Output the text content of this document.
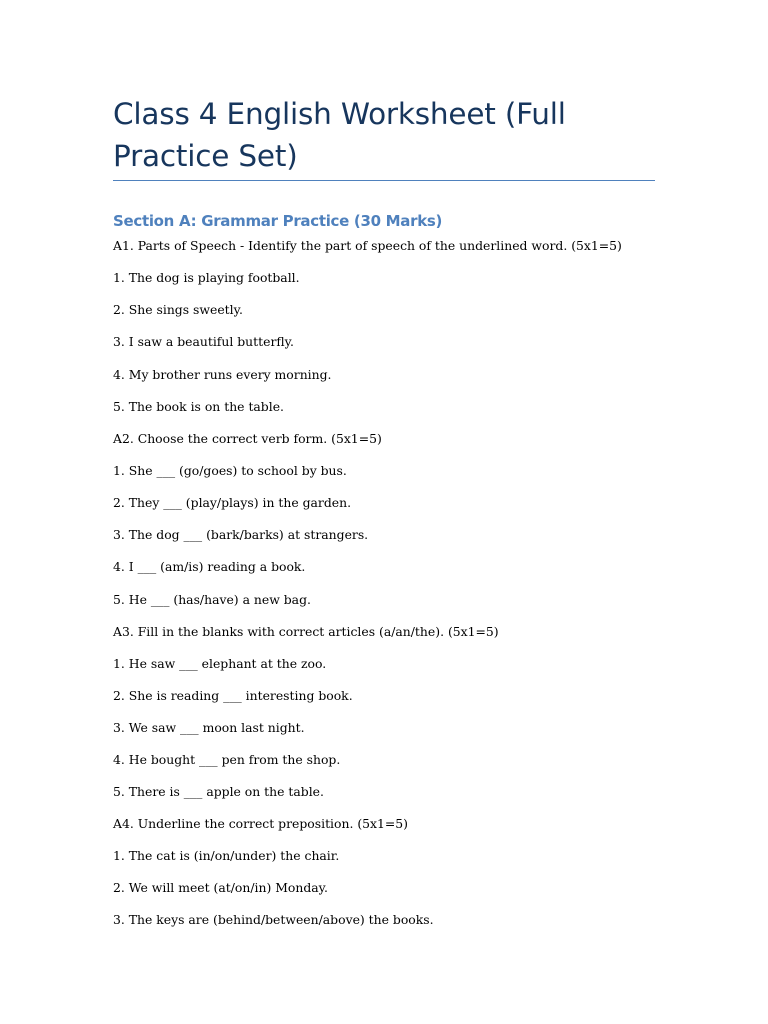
Class 4 English Worksheet (Full Practice Set)
Section A: Grammar Practice (30 Marks)

A1. Parts of Speech - Identify the part of speech of the underlined word. (5x1=5)

1. The dog is playing football.

2. She sings sweetly.

3. I saw a beautiful butterfly.

4. My brother runs every morning.

5. The book is on the table.

A2. Choose the correct verb form. (5x1=5)

1. She ___ (go/goes) to school by bus.

2. They ___ (play/plays) in the garden.

3. The dog ___ (bark/barks) at strangers.

4. I ___ (am/is) reading a book.

5. He ___ (has/have) a new bag.

A3. Fill in the blanks with correct articles (a/an/the). (5x1=5)

1. He saw ___ elephant at the zoo.

2. She is reading ___ interesting book.

3. We saw ___ moon last night.

4. He bought ___ pen from the shop.

5. There is ___ apple on the table.

A4. Underline the correct preposition. (5x1=5)

1. The cat is (in/on/under) the chair.

2. We will meet (at/on/in) Monday.

3. The keys are (behind/between/above) the books.
